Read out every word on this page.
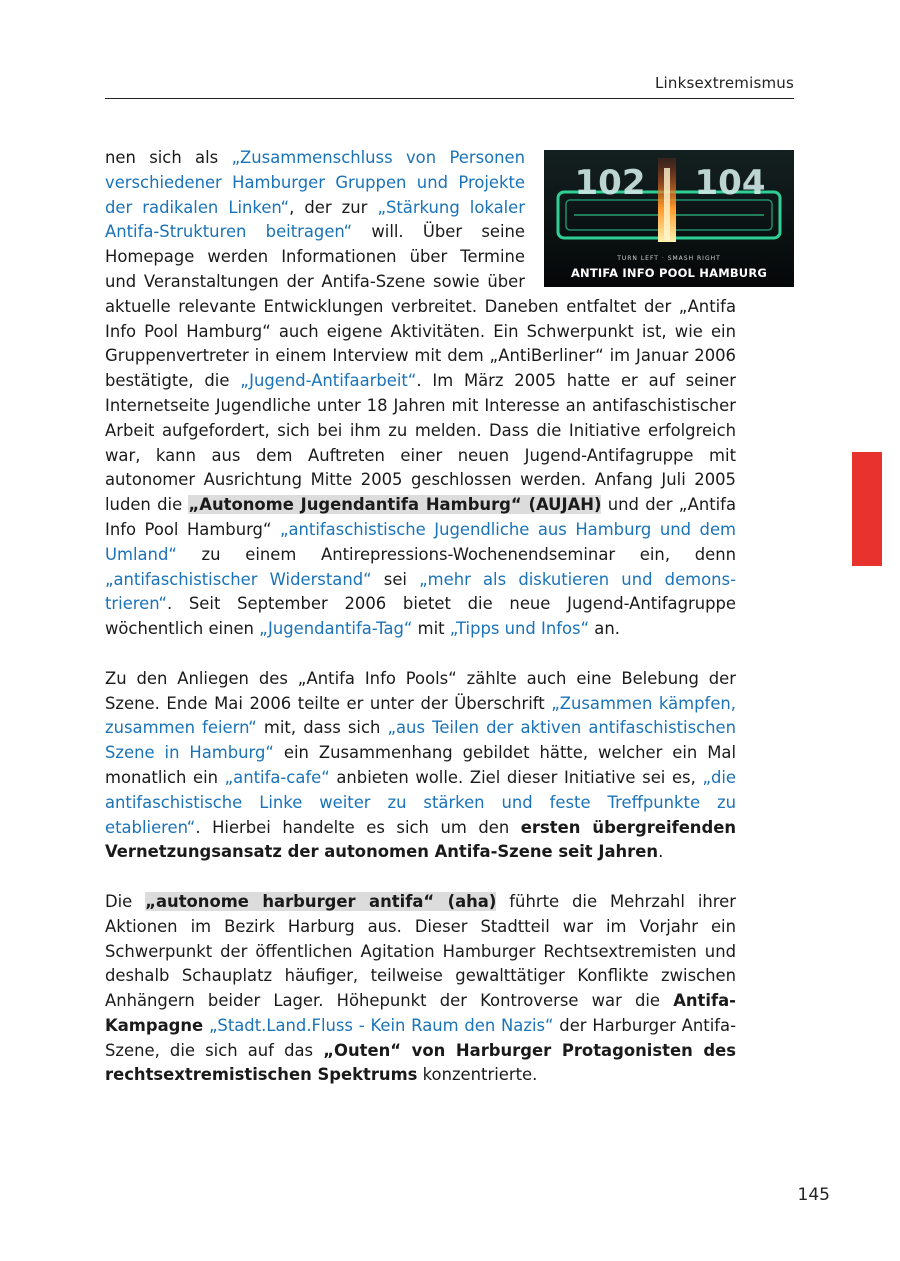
Linksextremismus

102 104
TURN LEFT · SMASH RIGHT
ANTIFA INFO POOL HAMBURG
nen sich als „Zusammenschluss von Personen verschiedener Hamburger Gruppen und Projekte der radikalen Linken“, der zur „Stärkung lokaler Antifa-Strukturen beitragen“ will. Über seine Homepage werden Informationen über Termine und Veranstaltungen der Antifa-Szene sowie über aktuelle relevante Entwicklungen verbreitet. Daneben entfaltet der „Antifa Info Pool Hamburg“ auch eigene Aktivitäten. Ein Schwerpunkt ist, wie ein Gruppenvertreter in einem Interview mit dem „AntiBerliner“ im Januar 2006 bestätigte, die „Jugend-Antifaarbeit“. Im März 2005 hatte er auf seiner Internetseite Jugendliche unter 18 Jahren mit Interesse an antifaschistischer Arbeit aufgefordert, sich bei ihm zu melden. Dass die Initiative erfolgreich war, kann aus dem Auftreten einer neuen Jugend-Antifagruppe mit autonomer Ausrichtung Mitte 2005 geschlossen werden. Anfang Juli 2005 luden die „Autonome Jugendantifa Hamburg“ (AUJAH) und der „Antifa Info Pool Hamburg“ „antifaschistische Jugendliche aus Hamburg und dem Umland“ zu einem Antirepressions-Wochenendseminar ein, denn „antifaschistischer Widerstand“ sei „mehr als diskutieren und demonstrieren“. Seit September 2006 bietet die neue Jugend-Antifagruppe wöchentlich einen „Jugendantifa-Tag“ mit „Tipps und Infos“ an.

Zu den Anliegen des „Antifa Info Pools“ zählte auch eine Belebung der Szene. Ende Mai 2006 teilte er unter der Überschrift „Zusammen kämpfen, zusammen feiern“ mit, dass sich „aus Teilen der aktiven antifaschistischen Szene in Hamburg“ ein Zusammenhang gebildet hätte, welcher ein Mal monatlich ein „antifa-cafe“ anbieten wolle. Ziel dieser Initiative sei es, „die antifaschistische Linke weiter zu stärken und feste Treffpunkte zu etablieren“. Hierbei handelte es sich um den ersten übergreifenden Vernetzungsansatz der autonomen Antifa-Szene seit Jahren.

Die „autonome harburger antifa“ (aha) führte die Mehrzahl ihrer Aktionen im Bezirk Harburg aus. Dieser Stadtteil war im Vorjahr ein Schwerpunkt der öffentlichen Agitation Hamburger Rechtsextremisten und deshalb Schauplatz häufiger, teilweise gewalttätiger Konflikte zwischen Anhängern beider Lager. Höhepunkt der Kontroverse war die Antifa-Kampagne „Stadt.Land.Fluss - Kein Raum den Nazis“ der Harburger Antifa-Szene, die sich auf das „Outen“ von Harburger Protagonisten des rechtsextremistischen Spektrums konzentrierte.

145
